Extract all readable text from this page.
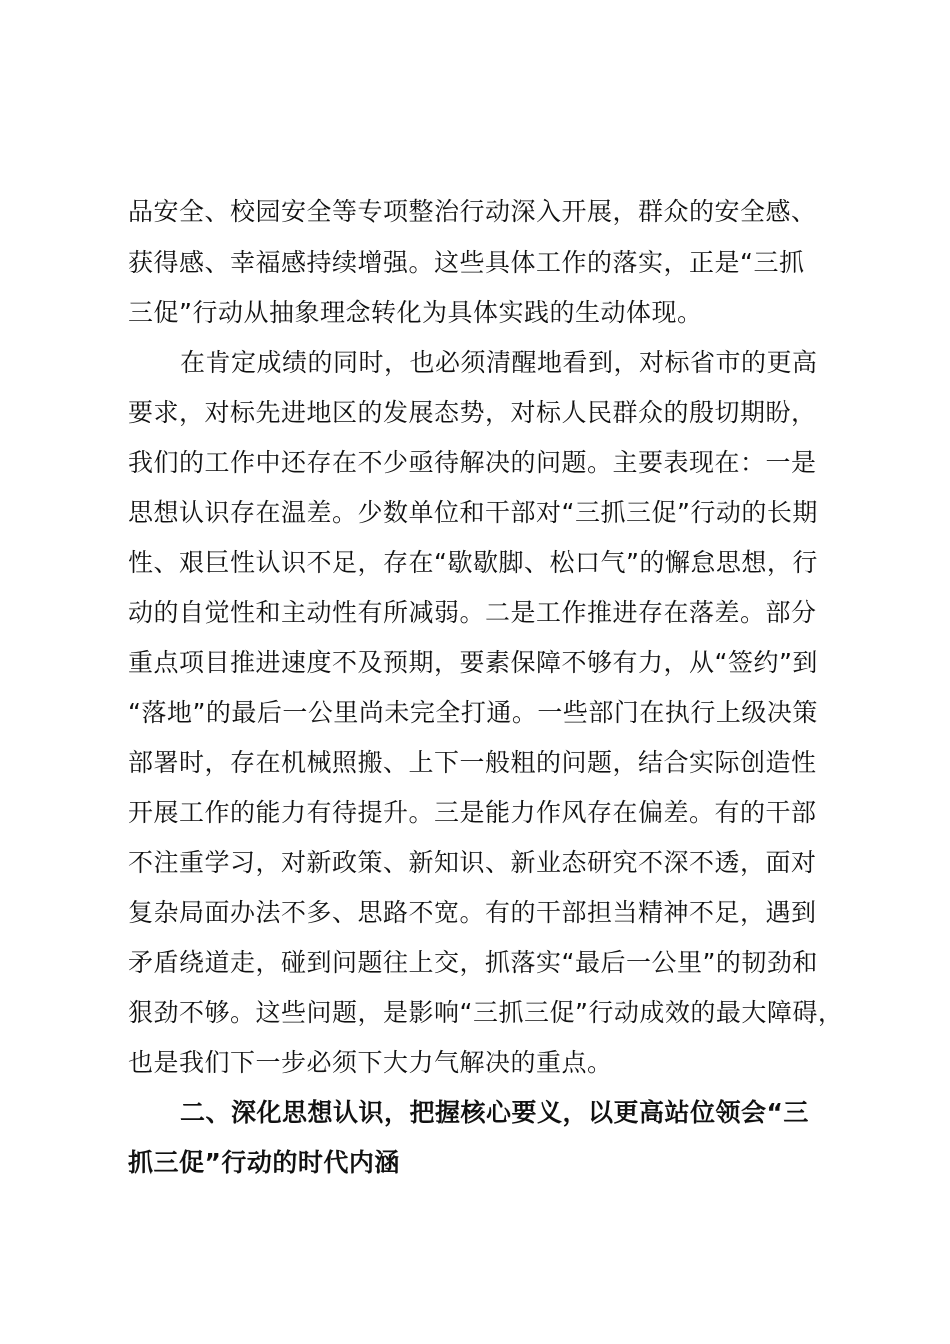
品安全、校园安全等专项整治行动深入开展，群众的安全感、
获得感、幸福感持续增强。这些具体工作的落实，正是“三抓
三促”行动从抽象理念转化为具体实践的生动体现。
在肯定成绩的同时，也必须清醒地看到，对标省市的更高
要求，对标先进地区的发展态势，对标人民群众的殷切期盼，
我们的工作中还存在不少亟待解决的问题。主要表现在：一是
思想认识存在温差。少数单位和干部对“三抓三促”行动的长期
性、艰巨性认识不足，存在“歇歇脚、松口气”的懈怠思想，行
动的自觉性和主动性有所减弱。二是工作推进存在落差。部分
重点项目推进速度不及预期，要素保障不够有力，从“签约”到
“落地”的最后一公里尚未完全打通。一些部门在执行上级决策
部署时，存在机械照搬、上下一般粗的问题，结合实际创造性
开展工作的能力有待提升。三是能力作风存在偏差。有的干部
不注重学习，对新政策、新知识、新业态研究不深不透，面对
复杂局面办法不多、思路不宽。有的干部担当精神不足，遇到
矛盾绕道走，碰到问题往上交，抓落实“最后一公里”的韧劲和
狠劲不够。这些问题，是影响“三抓三促”行动成效的最大障碍，
也是我们下一步必须下大力气解决的重点。
二、深化思想认识，把握核心要义，以更高站位领会“三
抓三促”行动的时代内涵
